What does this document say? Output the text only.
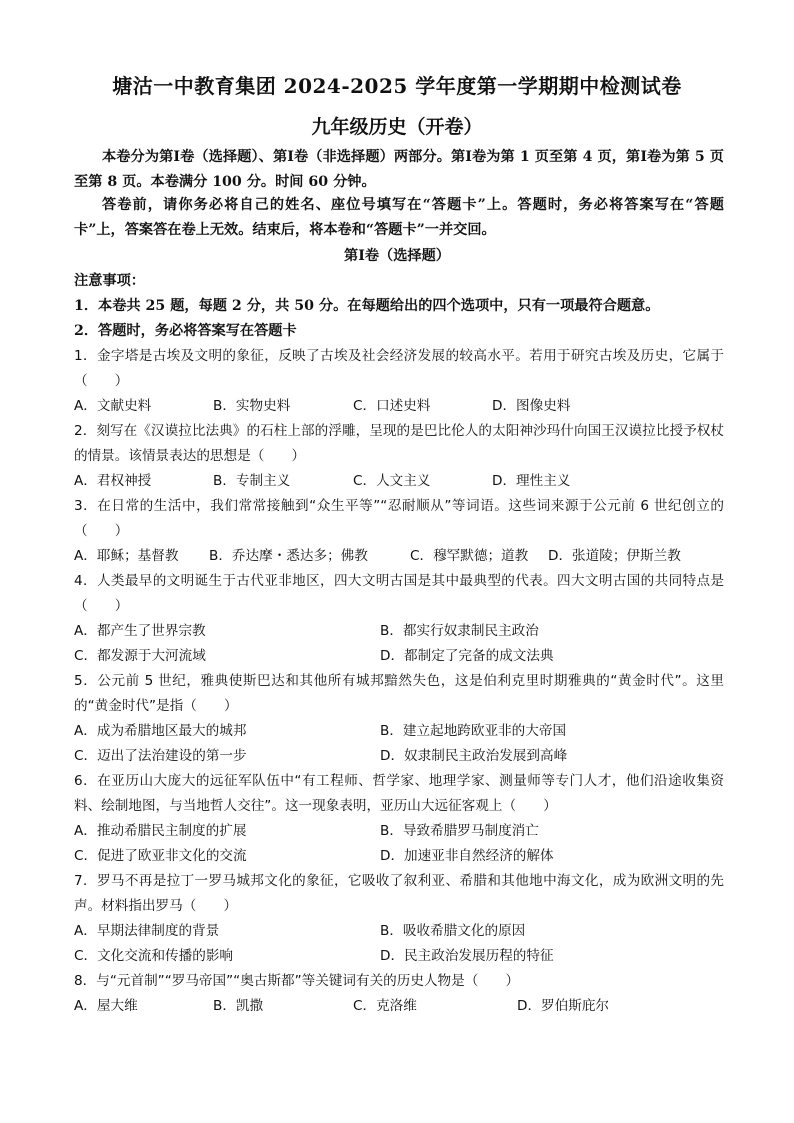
塘沽一中教育集团 2024-2025 学年度第一学期期中检测试卷
九年级历史（开卷）
本卷分为第Ⅰ卷（选择题）、第Ⅰ卷（非选择题）两部分。第Ⅰ卷为第 1 页至第 4 页，第Ⅰ卷为第 5 页至第 8 页。本卷满分 100 分。时间 60 分钟。
答卷前，请你务必将自己的姓名、座位号填写在“答题卡”上。答题时，务必将答案写在“答题卡”上，答案答在卷上无效。结束后，将本卷和“答题卡”一并交回。
第Ⅰ卷（选择题）
注意事项：
1．本卷共 25 题，每题 2 分，共 50 分。在每题给出的四个选项中，只有一项最符合题意。
2．答题时，务必将答案写在答题卡
1．金字塔是古埃及文明的象征，反映了古埃及社会经济发展的较高水平。若用于研究古埃及历史，它属于（　　）
A．文献史料	B．实物史料	C．口述史料	D．图像史料
2．刻写在《汉谟拉比法典》的石柱上部的浮雕，呈现的是巴比伦人的太阳神沙玛什向国王汉谟拉比授予权杖的情景。该情景表达的思想是（　　）
A．君权神授	B．专制主义	C．人文主义	D．理性主义
3．在日常的生活中，我们常常接触到“众生平等”“忍耐顺从”等词语。这些词来源于公元前 6 世纪创立的（　　）
A．耶稣；基督教 B．乔达摩・悉达多；佛教	C．穆罕默德；道教 D．张道陵；伊斯兰教
4．人类最早的文明诞生于古代亚非地区，四大文明古国是其中最典型的代表。四大文明古国的共同特点是（　　）
A．都产生了世界宗教	B．都实行奴隶制民主政治
C．都发源于大河流域	D．都制定了完备的成文法典
5．公元前 5 世纪，雅典使斯巴达和其他所有城邦黯然失色，这是伯利克里时期雅典的“黄金时代”。这里的“黄金时代”是指（　　）
A．成为希腊地区最大的城邦	B．建立起地跨欧亚非的大帝国
C．迈出了法治建设的第一步	D．奴隶制民主政治发展到高峰
6．在亚历山大庞大的远征军队伍中“有工程师、哲学家、地理学家、测量师等专门人才，他们沿途收集资料、绘制地图，与当地哲人交往”。这一现象表明，亚历山大远征客观上（　　）
A．推动希腊民主制度的扩展	B．导致希腊罗马制度消亡
C．促进了欧亚非文化的交流	D．加速亚非自然经济的解体
7．罗马不再是拉丁一罗马城邦文化的象征，它吸收了叙利亚、希腊和其他地中海文化，成为欧洲文明的先声。材料指出罗马（　　）
A．早期法律制度的背景	B．吸收希腊文化的原因
C．文化交流和传播的影响	D．民主政治发展历程的特征
8．与“元首制”“罗马帝国”“奥古斯都”等关键词有关的历史人物是（　　）
A．屋大维	B．凯撒	C．克洛维	D．罗伯斯庇尔
